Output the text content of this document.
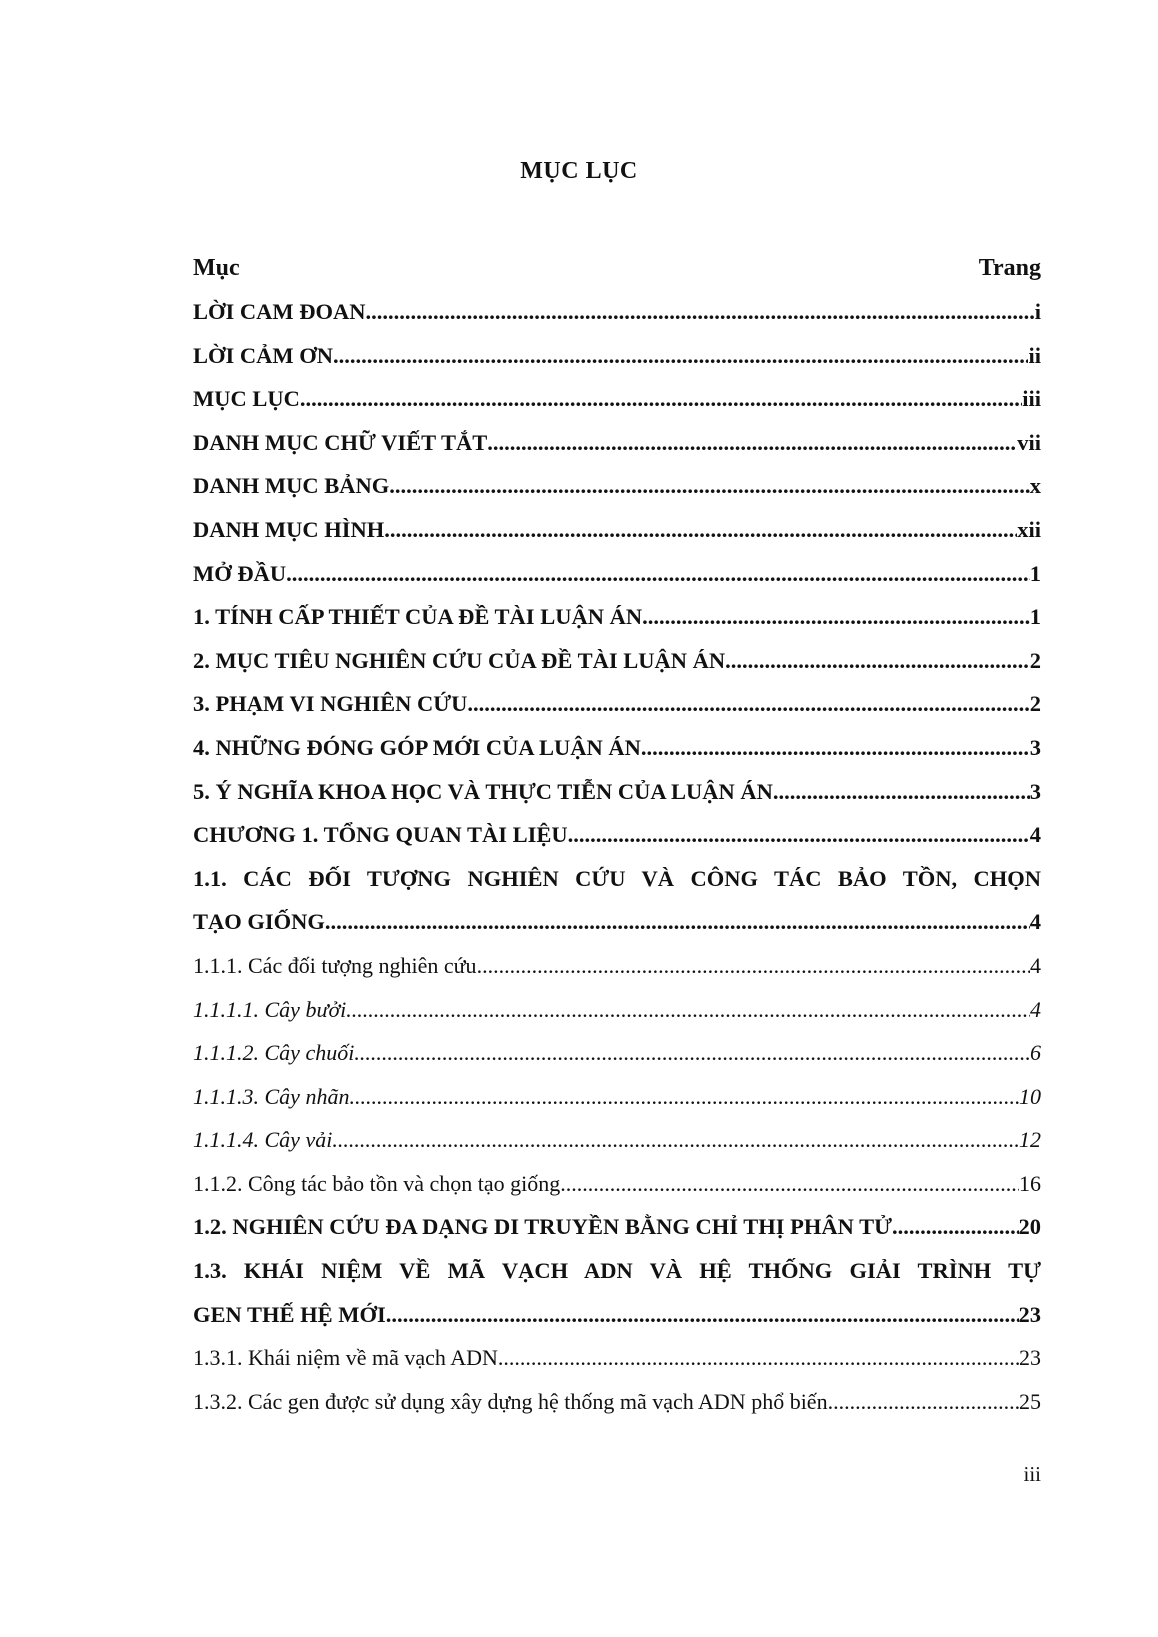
MỤC LỤC
Mục	Trang
LỜI CAM ĐOAN .....	i
LỜI CẢM ƠN .....	ii
MỤC LỤC .....	iii
DANH MỤC CHỮ VIẾT TẮT .....	vii
DANH MỤC BẢNG .....	x
DANH MỤC HÌNH .....	xii
MỞ ĐẦU .....	1
1. TÍNH CẤP THIẾT CỦA ĐỀ TÀI LUẬN ÁN .....	1
2. MỤC TIÊU NGHIÊN CỨU CỦA ĐỀ TÀI LUẬN ÁN .....	2
3. PHẠM VI NGHIÊN CỨU .....	2
4. NHỮNG ĐÓNG GÓP MỚI CỦA LUẬN ÁN .....	3
5. Ý NGHĨA KHOA HỌC VÀ THỰC TIỄN CỦA LUẬN ÁN .....	3
CHƯƠNG 1. TỔNG QUAN TÀI LIỆU .....	4
1.1. CÁC ĐỐI TƯỢNG NGHIÊN CỨU VÀ CÔNG TÁC BẢO TỒN, CHỌN
TẠO GIỐNG .....	4
1.1.1. Các đối tượng nghiên cứu .....	4
1.1.1.1. Cây bưởi .....	4
1.1.1.2. Cây chuối .....	6
1.1.1.3. Cây nhãn .....	10
1.1.1.4. Cây vải .....	12
1.1.2. Công tác bảo tồn và chọn tạo giống .....	16
1.2. NGHIÊN CỨU ĐA DẠNG DI TRUYỀN BẰNG CHỈ THỊ PHÂN TỬ .....	20
1.3. KHÁI NIỆM VỀ MÃ VẠCH ADN VÀ HỆ THỐNG GIẢI TRÌNH TỰ
GEN THẾ HỆ MỚI .....	23
1.3.1. Khái niệm về mã vạch ADN .....	23
1.3.2. Các gen được sử dụng xây dựng hệ thống mã vạch ADN phổ biến .....	25
iii
